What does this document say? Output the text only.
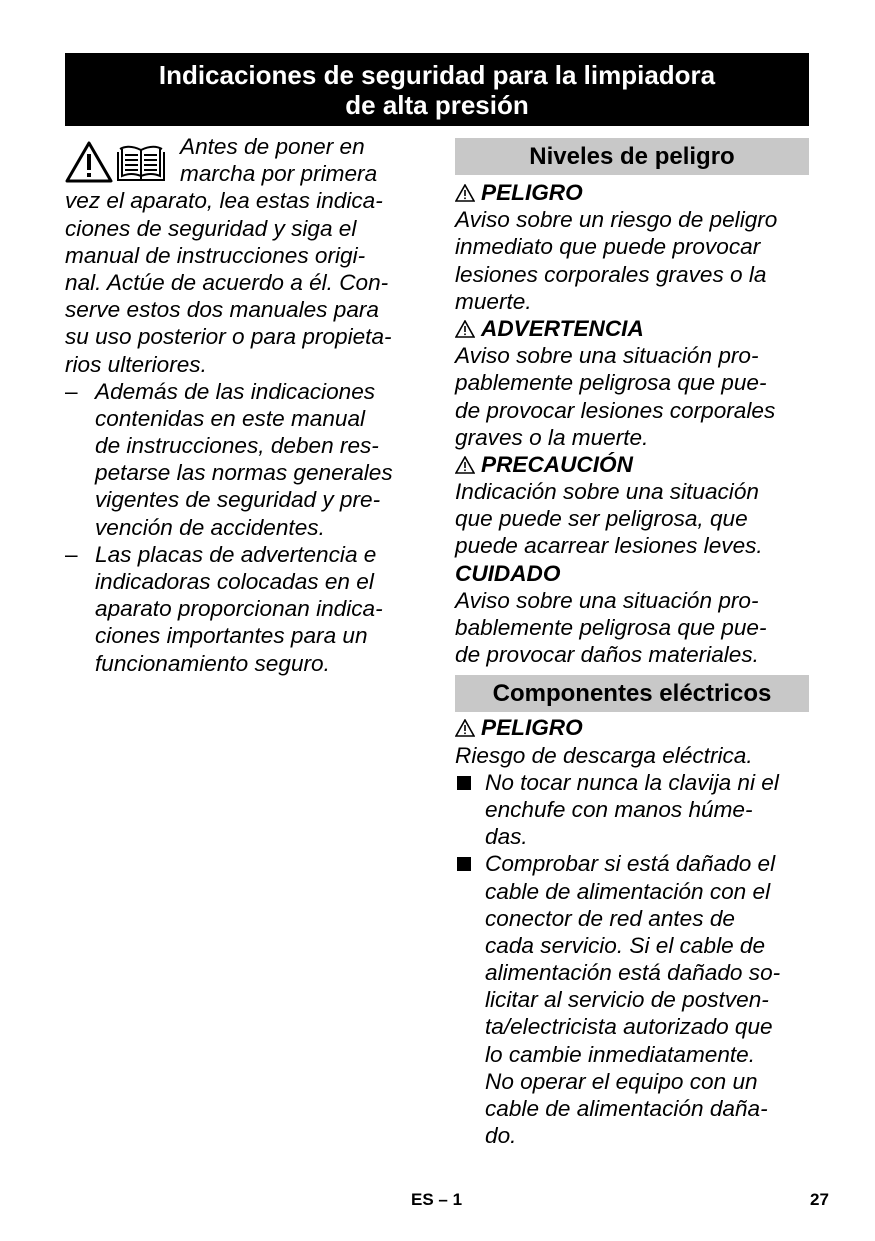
Indicaciones de seguridad para la limpiadora
de alta presión
Antes de poner en
marcha por primera
vez el aparato, lea estas indica-
ciones de seguridad y siga el
manual de instrucciones origi-
nal. Actúe de acuerdo a él. Con-
serve estos dos manuales para
su uso posterior o para propieta-
rios ulteriores.
– Además de las indicaciones
contenidas en este manual
de instrucciones, deben res-
petarse las normas generales
vigentes de seguridad y pre-
vención de accidentes.
– Las placas de advertencia e
indicadoras colocadas en el
aparato proporcionan indica-
ciones importantes para un
funcionamiento seguro.
Niveles de peligro
PELIGRO
Aviso sobre un riesgo de peligro
inmediato que puede provocar
lesiones corporales graves o la
muerte.
ADVERTENCIA
Aviso sobre una situación pro-
pablemente peligrosa que pue-
de provocar lesiones corporales
graves o la muerte.
PRECAUCIÓN
Indicación sobre una situación
que puede ser peligrosa, que
puede acarrear lesiones leves.
CUIDADO
Aviso sobre una situación pro-
bablemente peligrosa que pue-
de provocar daños materiales.
Componentes eléctricos
PELIGRO
Riesgo de descarga eléctrica.
No tocar nunca la clavija ni el
enchufe con manos húme-
das.
Comprobar si está dañado el
cable de alimentación con el
conector de red antes de
cada servicio. Si el cable de
alimentación está dañado so-
licitar al servicio de postven-
ta/electricista autorizado que
lo cambie inmediatamente.
No operar el equipo con un
cable de alimentación daña-
do.
ES – 1	27
